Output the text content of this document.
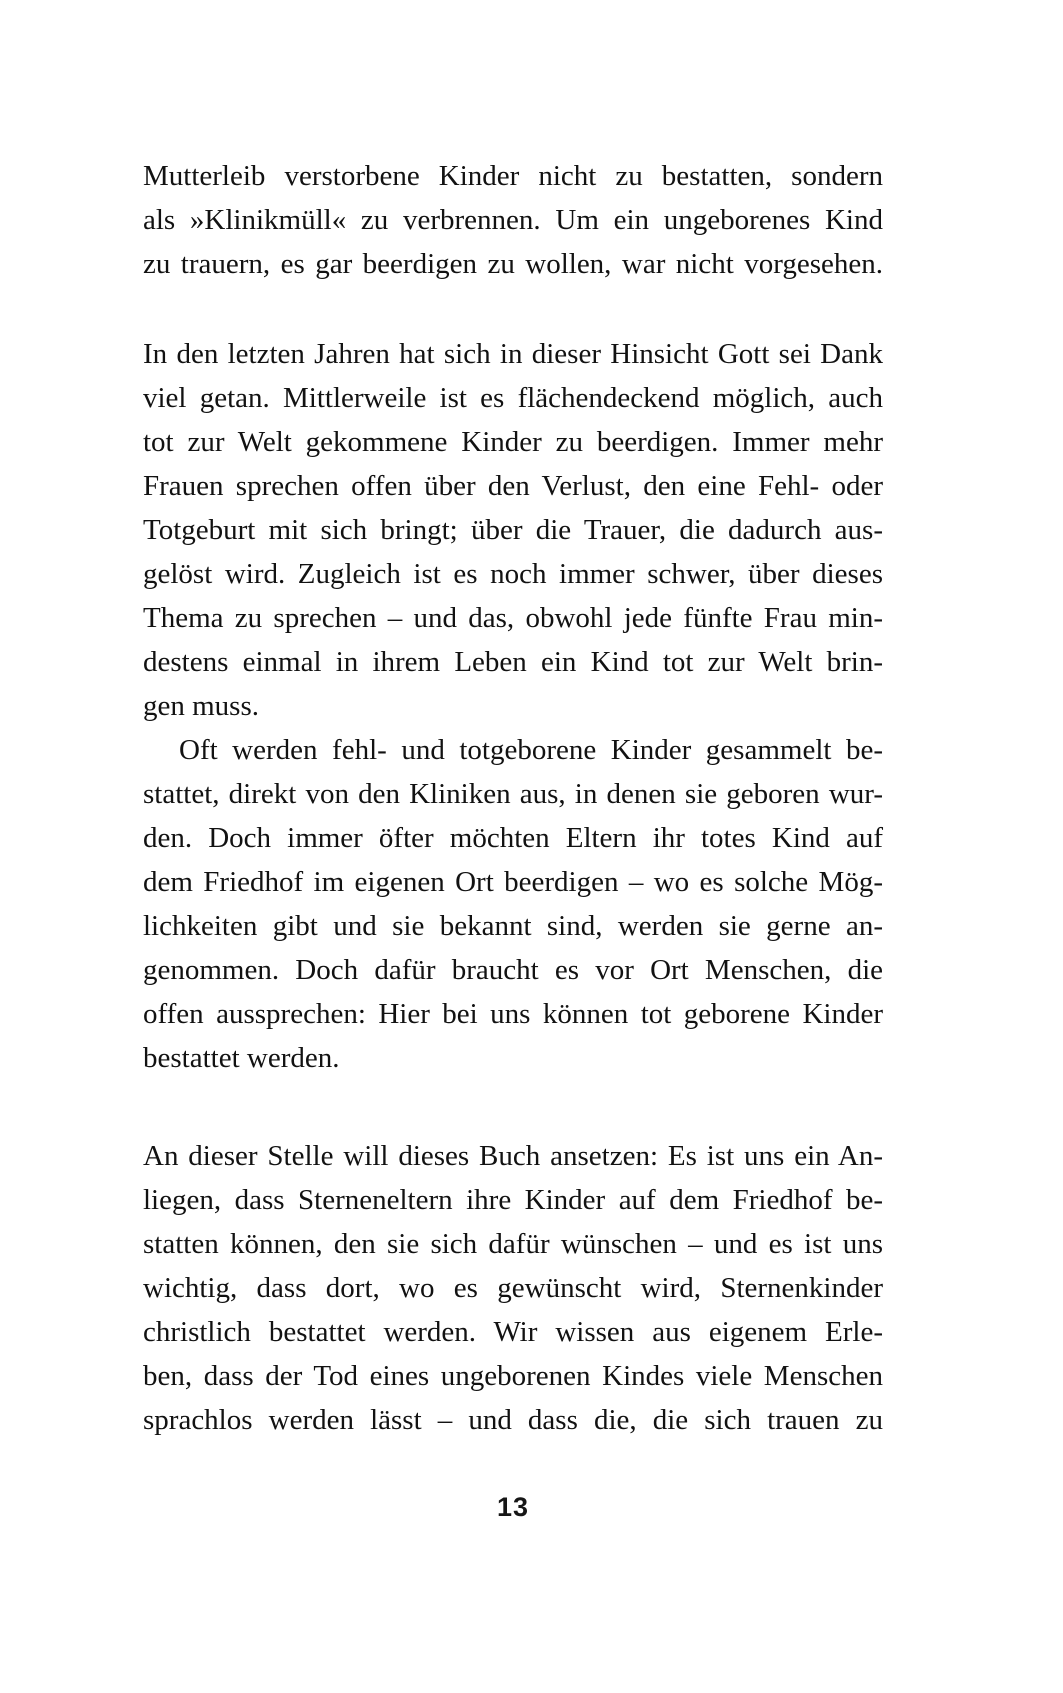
Mutterleib verstorbene Kinder nicht zu bestatten, sondern
als »Klinikmüll« zu verbrennen. Um ein ungeborenes Kind
zu trauern, es gar beerdigen zu wollen, war nicht vorgesehen.
In den letzten Jahren hat sich in dieser Hinsicht Gott sei Dank
viel getan. Mittlerweile ist es flächendeckend möglich, auch
tot zur Welt gekommene Kinder zu beerdigen. Immer mehr
Frauen sprechen offen über den Verlust, den eine Fehl- oder
Totgeburt mit sich bringt; über die Trauer, die dadurch aus-
gelöst wird. Zugleich ist es noch immer schwer, über dieses
Thema zu sprechen – und das, obwohl jede fünfte Frau min-
destens einmal in ihrem Leben ein Kind tot zur Welt brin-
gen muss.
Oft werden fehl- und totgeborene Kinder gesammelt be-
stattet, direkt von den Kliniken aus, in denen sie geboren wur-
den. Doch immer öfter möchten Eltern ihr totes Kind auf
dem Friedhof im eigenen Ort beerdigen – wo es solche Mög-
lichkeiten gibt und sie bekannt sind, werden sie gerne an-
genommen. Doch dafür braucht es vor Ort Menschen, die
offen aussprechen: Hier bei uns können tot geborene Kinder
bestattet werden.
An dieser Stelle will dieses Buch ansetzen: Es ist uns ein An-
liegen, dass Sterneneltern ihre Kinder auf dem Friedhof be-
statten können, den sie sich dafür wünschen – und es ist uns
wichtig, dass dort, wo es gewünscht wird, Sternenkinder
christlich bestattet werden. Wir wissen aus eigenem Erle-
ben, dass der Tod eines ungeborenen Kindes viele Menschen
sprachlos werden lässt – und dass die, die sich trauen zu
13
